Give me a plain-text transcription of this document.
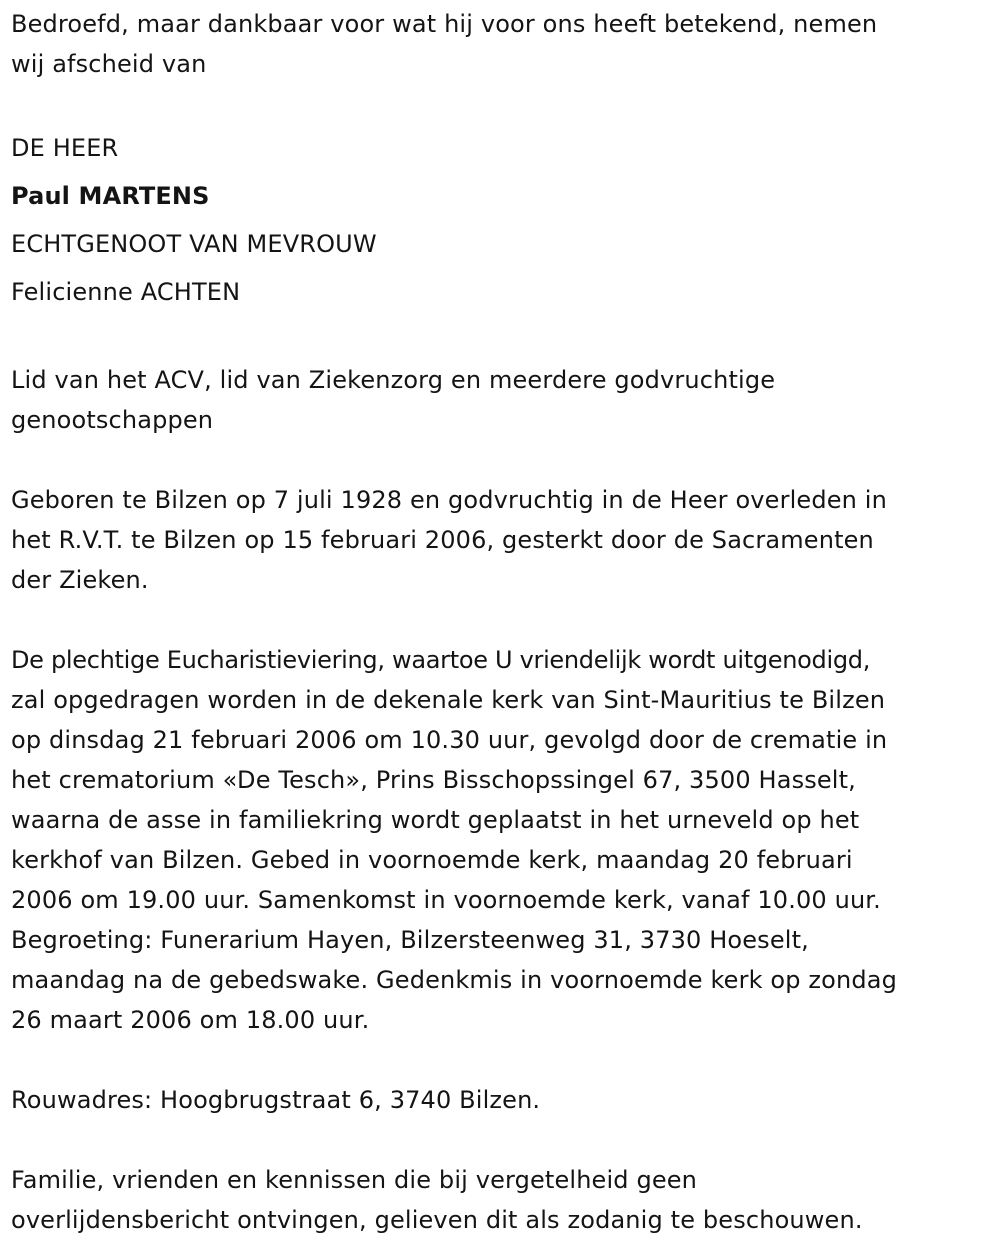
Bedroefd, maar dankbaar voor wat hij voor ons heeft betekend, nemen
wij afscheid van
DE HEER
Paul MARTENS
ECHTGENOOT VAN MEVROUW
Felicienne ACHTEN
Lid van het ACV, lid van Ziekenzorg en meerdere godvruchtige
genootschappen
Geboren te Bilzen op 7 juli 1928 en godvruchtig in de Heer overleden in
het R.V.T. te Bilzen op 15 februari 2006, gesterkt door de Sacramenten
der Zieken.
De plechtige Eucharistieviering, waartoe U vriendelijk wordt uitgenodigd,
zal opgedragen worden in de dekenale kerk van Sint-Mauritius te Bilzen
op dinsdag 21 februari 2006 om 10.30 uur, gevolgd door de crematie in
het crematorium «De Tesch», Prins Bisschopssingel 67, 3500 Hasselt,
waarna de asse in familiekring wordt geplaatst in het urneveld op het
kerkhof van Bilzen. Gebed in voornoemde kerk, maandag 20 februari
2006 om 19.00 uur. Samenkomst in voornoemde kerk, vanaf 10.00 uur.
Begroeting: Funerarium Hayen, Bilzersteenweg 31, 3730 Hoeselt,
maandag na de gebedswake. Gedenkmis in voornoemde kerk op zondag
26 maart 2006 om 18.00 uur.
Rouwadres: Hoogbrugstraat 6, 3740 Bilzen.
Familie, vrienden en kennissen die bij vergetelheid geen
overlijdensbericht ontvingen, gelieven dit als zodanig te beschouwen.
